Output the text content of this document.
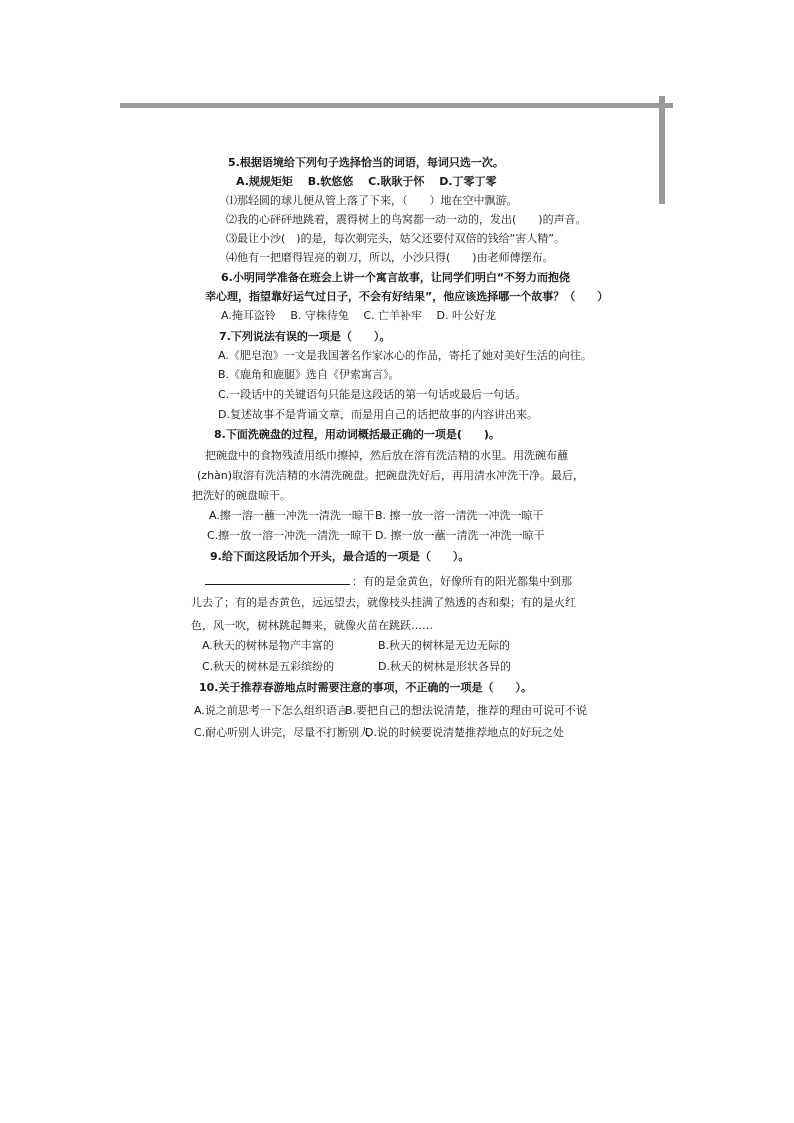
5.根据语境给下列句子选择恰当的词语，每词只选一次。
A.规规矩矩　 B.软悠悠　 C.耿耿于怀　 D.丁零丁零
⑴那轻圆的球儿便从管上落了下来，（　　）地在空中飘游。
⑵我的心砰砰地跳着，震得树上的鸟窝都一动一动的，发出(　　)的声音。
⑶最让小沙(　)的是，每次剃完头，姑父还要付双倍的钱给“害人精”。
⑷他有一把磨得锃亮的剃刀，所以，小沙只得(　　)由老师傅摆布。
6.小明同学准备在班会上讲一个寓言故事，让同学们明白“不努力而抱侥
幸心理，指望靠好运气过日子，不会有好结果”，他应该选择哪一个故事？（　　）
A.掩耳盗铃　 B. 守株待兔　 C. 亡羊补牢　 D. 叶公好龙
7.下列说法有误的一项是（　　）。
A.《肥皂泡》一文是我国著名作家冰心的作品，寄托了她对美好生活的向往。
B.《鹿角和鹿腿》选自《伊索寓言》。
C.一段话中的关键语句只能是这段话的第一句话或最后一句话。
D.复述故事不是背诵文章，而是用自己的话把故事的内容讲出来。
8.下面洗碗盘的过程，用动词概括最正确的一项是(　　)。
把碗盘中的食物残渣用纸巾擦掉，然后放在溶有洗洁精的水里。用洗碗布蘸
(zhàn)取溶有洗洁精的水清洗碗盘。把碗盘洗好后，再用清水冲洗干净。最后，
把洗好的碗盘晾干。
A.擦一溶一蘸一冲洗一清洗一晾干 B. 擦一放一溶一清洗一冲洗一晾干
C.擦一放一溶一冲洗一清洗一晾干 D. 擦一放一蘸一清洗一冲洗一晾干
9.给下面这段话加个开头，最合适的一项是（　　）。
：有的是金黄色，好像所有的阳光都集中到那
儿去了；有的是杏黄色，远远望去，就像枝头挂满了熟透的杏和梨；有的是火红
色，风一吹，树林跳起舞来，就像火苗在跳跃……
A.秋天的树林是物产丰富的	B.秋天的树林是无边无际的
C.秋天的树林是五彩缤纷的	D.秋天的树林是形状各异的
10.关于推荐春游地点时需要注意的事项，不正确的一项是（　　）。
A.说之前思考一下怎么组织语言
B.要把自己的想法说清楚，推荐的理由可说可不说
C.耐心听别人讲完，尽量不打断别人
D.说的时候要说清楚推荐地点的好玩之处
